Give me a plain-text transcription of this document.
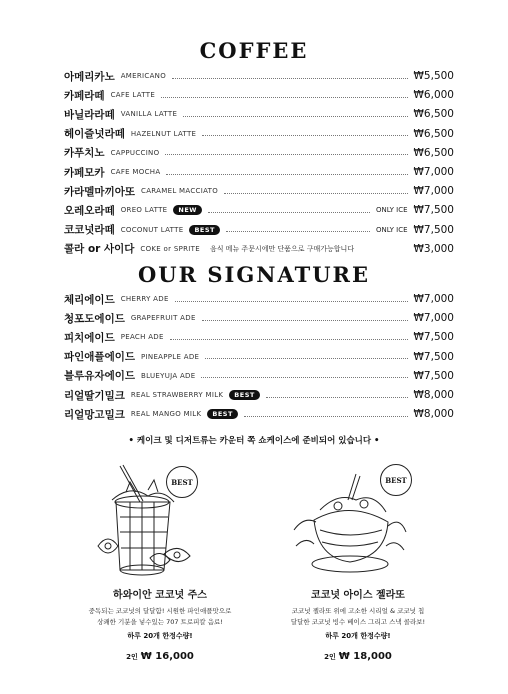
COFFEE
아메리카노 AMERICANO	₩5,500
카페라떼 CAFE LATTE	₩6,000
바닐라라떼 VANILLA LATTE	₩6,500
헤이즐넛라떼 HAZELNUT LATTE	₩6,500
카푸치노 CAPPUCCINO	₩6,500
카페모카 CAFE MOCHA	₩7,000
카라멜마끼아또 CARAMEL MACCIATO	₩7,000
오레오라떼 OREO LATTE	NEW	ONLY ICE ₩7,500
코코넛라떼 COCONUT LATTE	BEST	ONLY ICE ₩7,500
콜라 or 사이다 COKE or SPRITE 음식 메뉴 주문시에만 단품으로 구매가능합니다	₩3,000
OUR SIGNATURE
체리에이드 CHERRY ADE	₩7,000
청포도에이드 GRAPEFRUIT ADE	₩7,000
피치에이드 PEACH ADE	₩7,500
파인애플에이드 PINEAPPLE ADE	₩7,500
블루유자에이드 BLUEYUJA ADE	₩7,500
리얼딸기밀크 REAL STRAWBERRY MILK	BEST	₩8,000
리얼망고밀크 REAL MANGO MILK	BEST	₩8,000
• 케이크 및 디저트류는 카운터 쪽 쇼케이스에 준비되어 있습니다 •
BEST
하와이안 코코넛 주스
중독되는 코코넛의 달달함! 시원한 파인애플맛으로
상쾌한 기분을 넣수있는 707 트로피칼 음료!
하루 20개 한정수량!
2인 ₩ 16,000
BEST
코코넛 아이스 젤라또
코코넛 젤라또 위에 고소한 시리얼 & 코코넛 칩
달달한 코코넛 빙수 베이스 그리고 스낵 콜라보!
하루 20개 한정수량!
2인 ₩ 18,000
